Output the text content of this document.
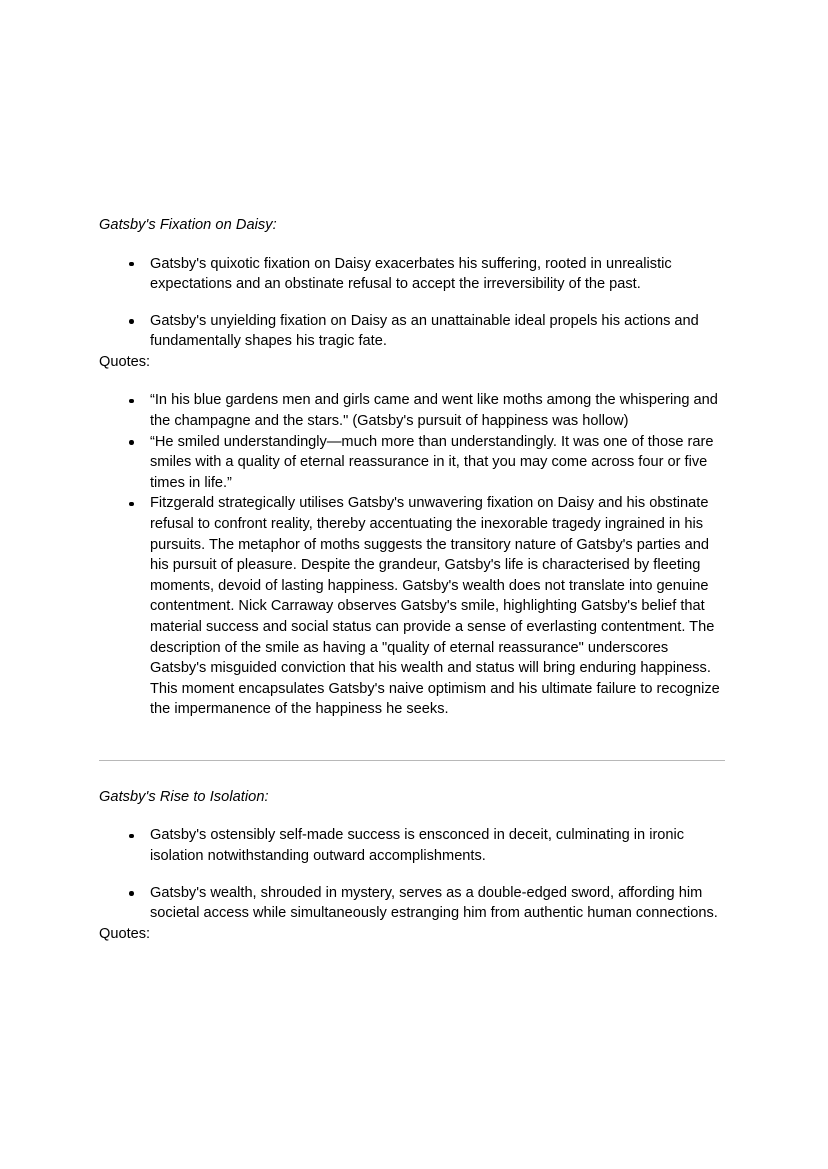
Gatsby's Fixation on Daisy:

Gatsby's quixotic fixation on Daisy exacerbates his suffering, rooted in unrealistic expectations and an obstinate refusal to accept the irreversibility of the past.
Gatsby's unyielding fixation on Daisy as an unattainable ideal propels his actions and fundamentally shapes his tragic fate.

Quotes:

“In his blue gardens men and girls came and went like moths among the whispering and the champagne and the stars." (Gatsby's pursuit of happiness was hollow)
“He smiled understandingly—much more than understandingly. It was one of those rare smiles with a quality of eternal reassurance in it, that you may come across four or five times in life.”
Fitzgerald strategically utilises Gatsby's unwavering fixation on Daisy and his obstinate refusal to confront reality, thereby accentuating the inexorable tragedy ingrained in his pursuits. The metaphor of moths suggests the transitory nature of Gatsby's parties and his pursuit of pleasure. Despite the grandeur, Gatsby's life is characterised by fleeting moments, devoid of lasting happiness. Gatsby's wealth does not translate into genuine contentment. Nick Carraway observes Gatsby's smile, highlighting Gatsby's belief that material success and social status can provide a sense of everlasting contentment. The description of the smile as having a "quality of eternal reassurance" underscores Gatsby's misguided conviction that his wealth and status will bring enduring happiness. This moment encapsulates Gatsby's naive optimism and his ultimate failure to recognize the impermanence of the happiness he seeks.

Gatsby's Rise to Isolation:

Gatsby's ostensibly self-made success is ensconced in deceit, culminating in ironic isolation notwithstanding outward accomplishments.
Gatsby's wealth, shrouded in mystery, serves as a double-edged sword, affording him societal access while simultaneously estranging him from authentic human connections.

Quotes:
